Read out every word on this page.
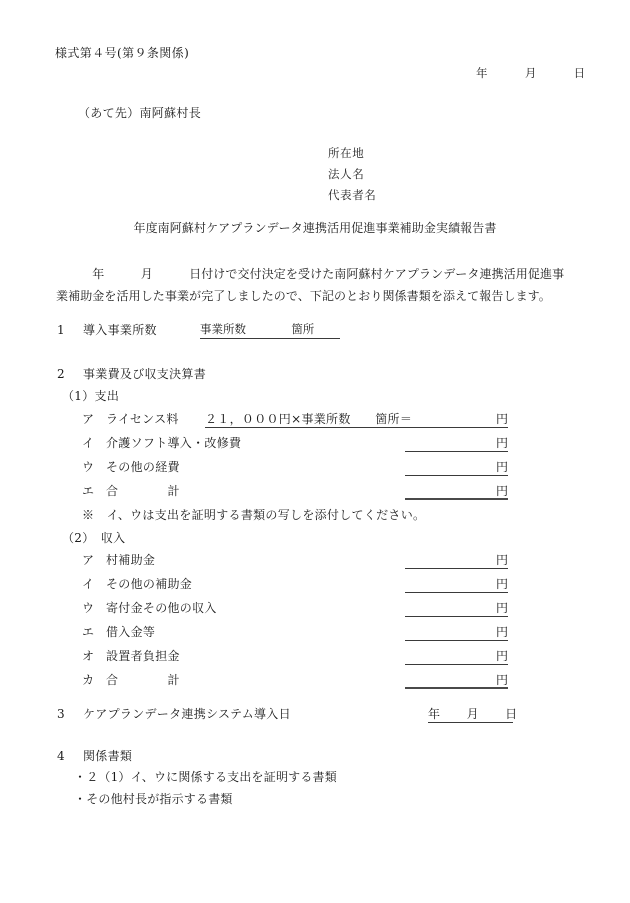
様式第４号(第９条関係)
年	月	日
（あて先）南阿蘇村長
所在地
法人名
代表者名
年度南阿蘇村ケアプランデータ連携活用促進事業補助金実績報告書
　　　年　　　月　　　日付けで交付決定を受けた南阿蘇村ケアプランデータ連携活用促進事業補助金を活用した事業が完了しましたので、下記のとおり関係書類を添えて報告します。
1 導入事業所数	事業所数	箇所
2 事業費及び収支決算書
（1）支出
ア ライセンス料 ２１，０００円×事業所数　　箇所＝	円
イ 介護ソフト導入・改修費	円
ウ その他の経費	円
エ 合　　　　計	円
※　イ、ウは支出を証明する書類の写しを添付してください。
（2）　収入
ア 村補助金	円
イ その他の補助金	円
ウ 寄付金その他の収入	円
エ 借入金等	円
オ 設置者負担金	円
カ 合　　　　計	円
3 ケアプランデータ連携システム導入日	年 月 日
4 関係書類
・２（1）イ、ウに関係する支出を証明する書類
・その他村長が指示する書類
